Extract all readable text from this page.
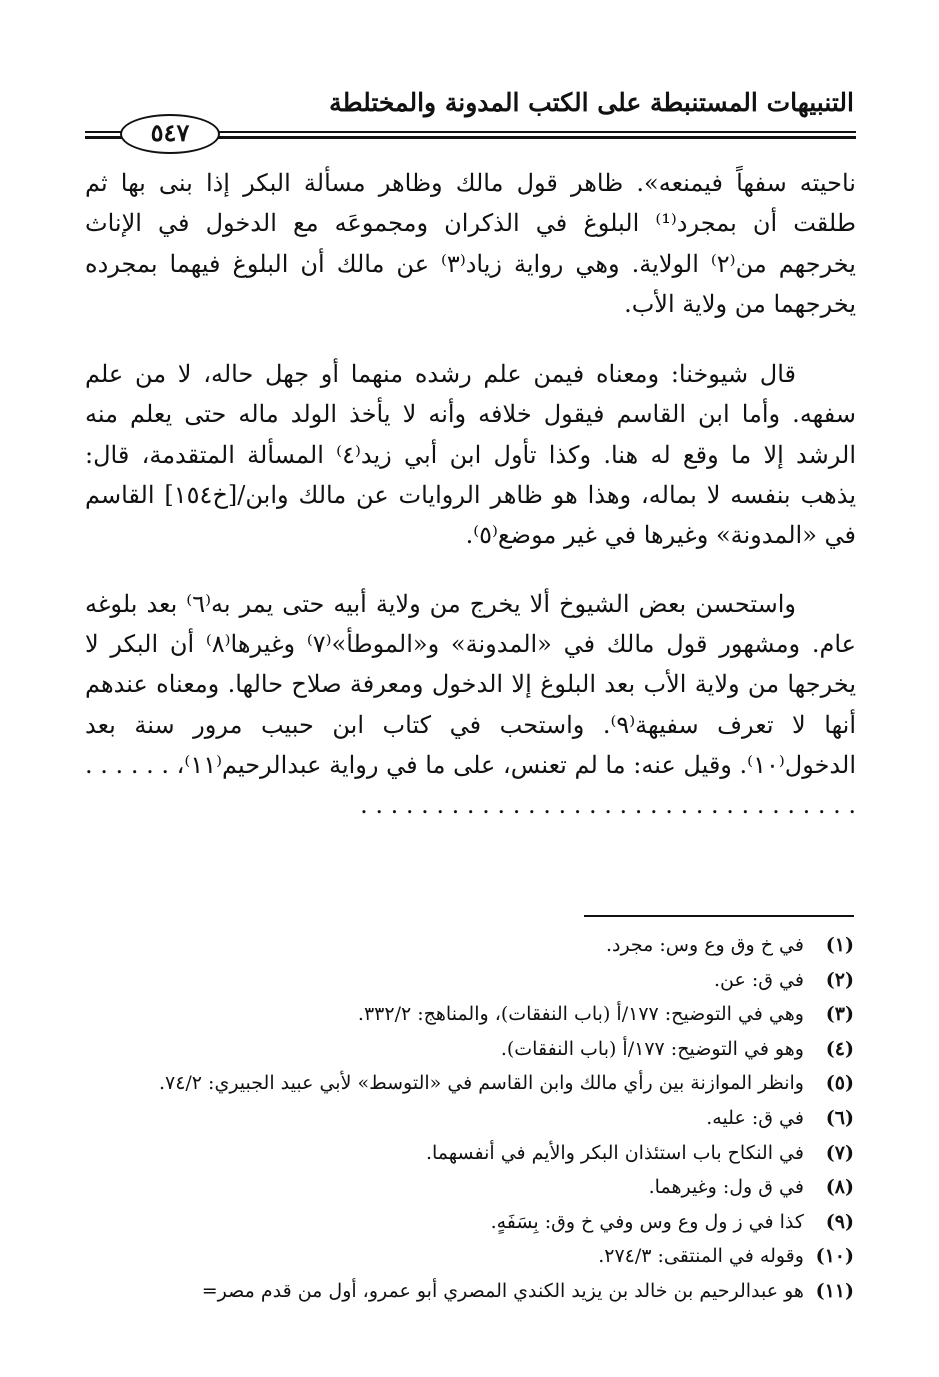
التنبيهات المستنبطة على الكتب المدونة والمختلطة
٥٤٧

ناحيته سفهاً فيمنعه». ظاهر قول مالك وظاهر مسألة البكر إذا بنى بها ثم طلقت أن بمجرد⁽¹⁾ البلوغ في الذكران ومجموعَه مع الدخول في الإناث يخرجهم من⁽٢⁾ الولاية. وهي رواية زياد⁽٣⁾ عن مالك أن البلوغ فيهما بمجرده يخرجهما من ولاية الأب.

قال شيوخنا: ومعناه فيمن علم رشده منهما أو جهل حاله، لا من علم سفهه. وأما ابن القاسم فيقول خلافه وأنه لا يأخذ الولد ماله حتى يعلم منه الرشد إلا ما وقع له هنا. وكذا تأول ابن أبي زيد⁽٤⁾ المسألة المتقدمة، قال: يذهب بنفسه لا بماله، وهذا هو ظاهر الروايات عن مالك وابن/[خ١٥٤] القاسم في «المدونة» وغيرها في غير موضع⁽٥⁾.

واستحسن بعض الشيوخ ألا يخرج من ولاية أبيه حتى يمر به⁽٦⁾ بعد بلوغه عام. ومشهور قول مالك في «المدونة» و«الموطأ»⁽٧⁾ وغيرها⁽٨⁾ أن البكر لا يخرجها من ولاية الأب بعد البلوغ إلا الدخول ومعرفة صلاح حالها. ومعناه عندهم أنها لا تعرف سفيهة⁽٩⁾. واستحب في كتاب ابن حبيب مرور سنة بعد الدخول⁽١٠⁾. وقيل عنه: ما لم تعنس، على ما في رواية عبدالرحيم⁽١١⁾، . . . . . . . . . . . . . . . . . . . . . . . . . . . . . . . . . . . . . . .

(١) في خ وق وع وس: مجرد.
(٢) في ق: عن.
(٣) وهي في التوضيح: ١٧٧/أ (باب النفقات)، والمناهج: ٣٣٢/٢.
(٤) وهو في التوضيح: ١٧٧/أ (باب النفقات).
(٥) وانظر الموازنة بين رأي مالك وابن القاسم في «التوسط» لأبي عبيد الجبيري: ٧٤/٢.
(٦) في ق: عليه.
(٧) في النكاح باب استئذان البكر والأيم في أنفسهما.
(٨) في ق ول: وغيرهما.
(٩) كذا في ز ول وع وس وفي خ وق: بِسَفَهٍ.
(١٠) وقوله في المنتقى: ٢٧٤/٣.
(١١) هو عبدالرحيم بن خالد بن يزيد الكندي المصري أبو عمرو، أول من قدم مصر=
